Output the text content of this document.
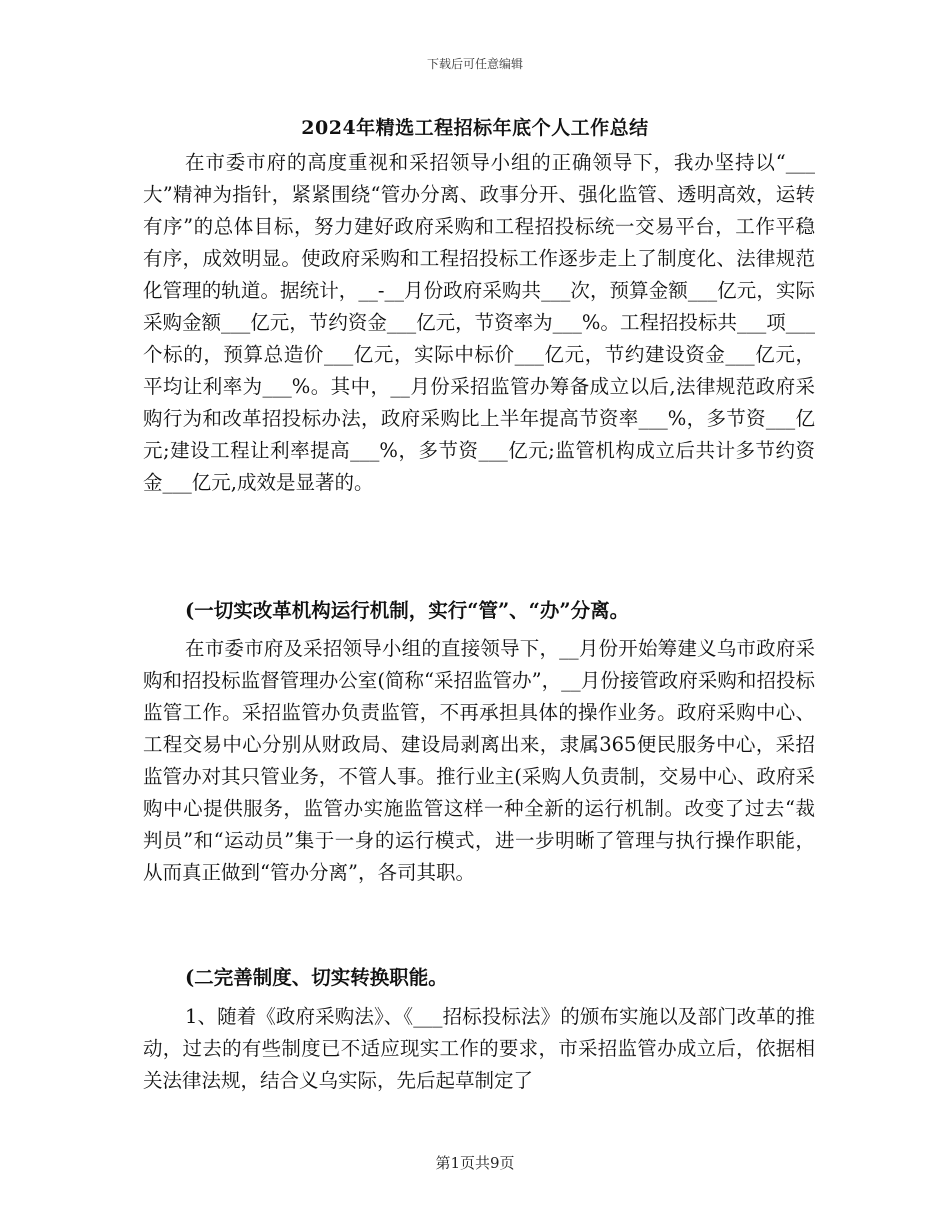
下载后可任意编辑
2024年精选工程招标年底个人工作总结

在市委市府的高度重视和采招领导小组的正确领导下，我办坚持以“___大”精神为指针，紧紧围绕“管办分离、政事分开、强化监管、透明高效，运转有序”的总体目标，努力建好政府采购和工程招投标统一交易平台，工作平稳有序，成效明显。使政府采购和工程招投标工作逐步走上了制度化、法律规范化管理的轨道。据统计，__-__月份政府采购共___次，预算金额___亿元，实际采购金额___亿元，节约资金___亿元，节资率为___%。工程招投标共___项___个标的，预算总造价___亿元，实际中标价___亿元，节约建设资金___亿元，平均让利率为___%。其中，__月份采招监管办筹备成立以后,法律规范政府采购行为和改革招投标办法，政府采购比上半年提高节资率___%，多节资___亿元;建设工程让利率提高___%，多节资___亿元;监管机构成立后共计多节约资金___亿元,成效是显著的。

(一切实改革机构运行机制，实行“管”、“办”分离。

在市委市府及采招领导小组的直接领导下，__月份开始筹建义乌市政府采购和招投标监督管理办公室(简称“采招监管办”，__月份接管政府采购和招投标监管工作。采招监管办负责监管，不再承担具体的操作业务。政府采购中心、工程交易中心分别从财政局、建设局剥离出来，隶属365便民服务中心，采招监管办对其只管业务，不管人事。推行业主(采购人负责制，交易中心、政府采购中心提供服务，监管办实施监管这样一种全新的运行机制。改变了过去“裁判员”和“运动员”集于一身的运行模式，进一步明晰了管理与执行操作职能，从而真正做到“管办分离”，各司其职。

(二完善制度、切实转换职能。

1、随着《政府采购法》、《___招标投标法》的颁布实施以及部门改革的推动，过去的有些制度已不适应现实工作的要求，市采招监管办成立后，依据相关法律法规，结合义乌实际，先后起草制定了

第1页共9页
